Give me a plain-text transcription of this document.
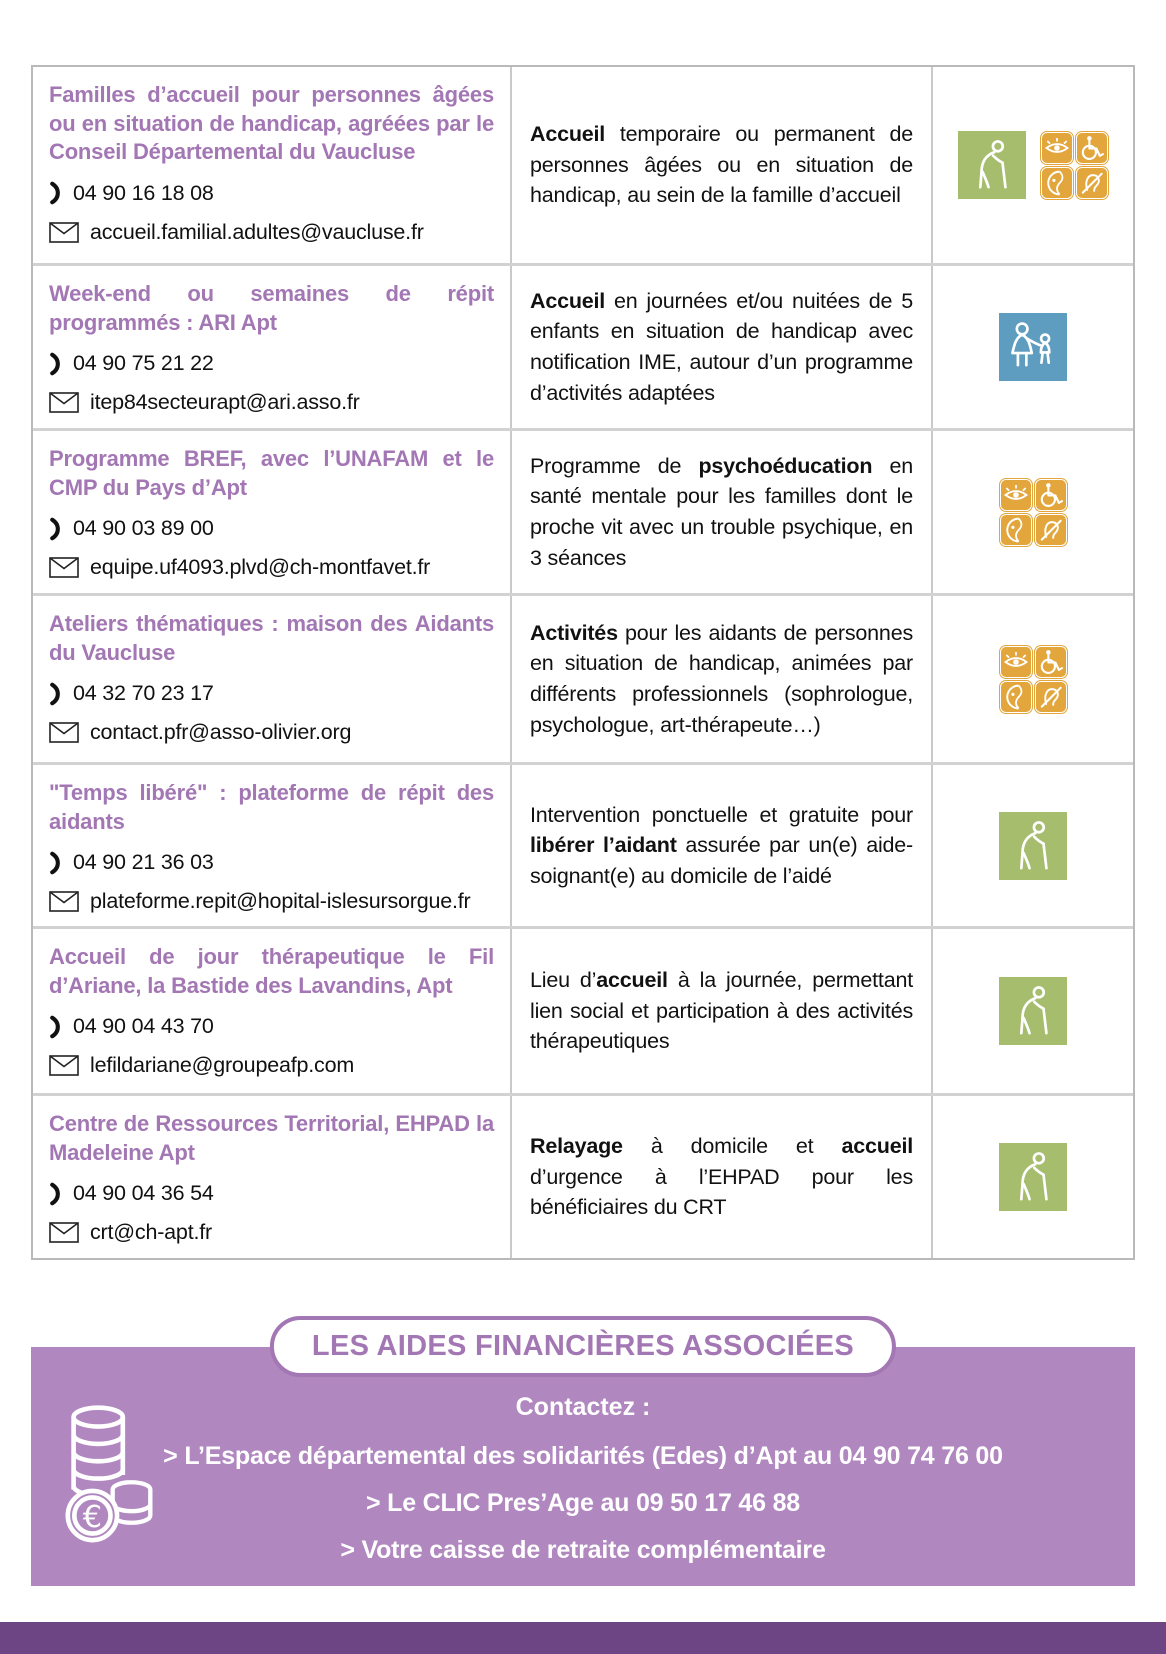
Familles d’accueil pour personnes âgées ou en situation de handicap, agréées par le Conseil Départemental du Vaucluse

04 90 16 18 08
accueil.familial.adultes@vaucluse.fr

Accueil temporaire ou permanent de personnes âgées ou en situation de handicap, au sein de la famille d’accueil

Week-end ou semaines de répit programmés : ARI Apt

04 90 75 21 22
itep84secteurapt@ari.asso.fr

Accueil en journées et/ou nuitées de 5 enfants en situation de handicap avec notification IME, autour d’un programme d’activités adaptées

Programme BREF, avec l’UNAFAM et le CMP du Pays d’Apt

04 90 03 89 00
equipe.uf4093.plvd@ch-montfavet.fr

Programme de psychoéducation en santé mentale pour les familles dont le proche vit avec un trouble psychique, en 3 séances

Ateliers thématiques : maison des Aidants du Vaucluse

04 32 70 23 17
contact.pfr@asso-olivier.org

Activités pour les aidants de personnes en situation de handicap, animées par différents professionnels (sophrologue, psychologue, art-thérapeute…)

"Temps libéré" : plateforme de répit des aidants

04 90 21 36 03
plateforme.repit@hopital-islesursorgue.fr

Intervention ponctuelle et gratuite pour libérer l’aidant assurée par un(e) aide-soignant(e) au domicile de l’aidé

Accueil de jour thérapeutique le Fil d’Ariane, la Bastide des Lavandins, Apt

04 90 04 43 70
lefildariane@groupeafp.com

Lieu d’accueil à la journée, permettant lien social et participation à des activités thérapeutiques

Centre de Ressources Territorial, EHPAD la Madeleine Apt

04 90 04 36 54
crt@ch-apt.fr

Relayage à domicile et accueil d’urgence à l’EHPAD pour les bénéficiaires du CRT

LES AIDES FINANCIÈRES ASSOCIÉES
€

Contactez :

> L’Espace départemental des solidarités (Edes) d’Apt au 04 90 74 76 00
> Le CLIC Pres’Age au 09 50 17 46 88
> Votre caisse de retraite complémentaire
